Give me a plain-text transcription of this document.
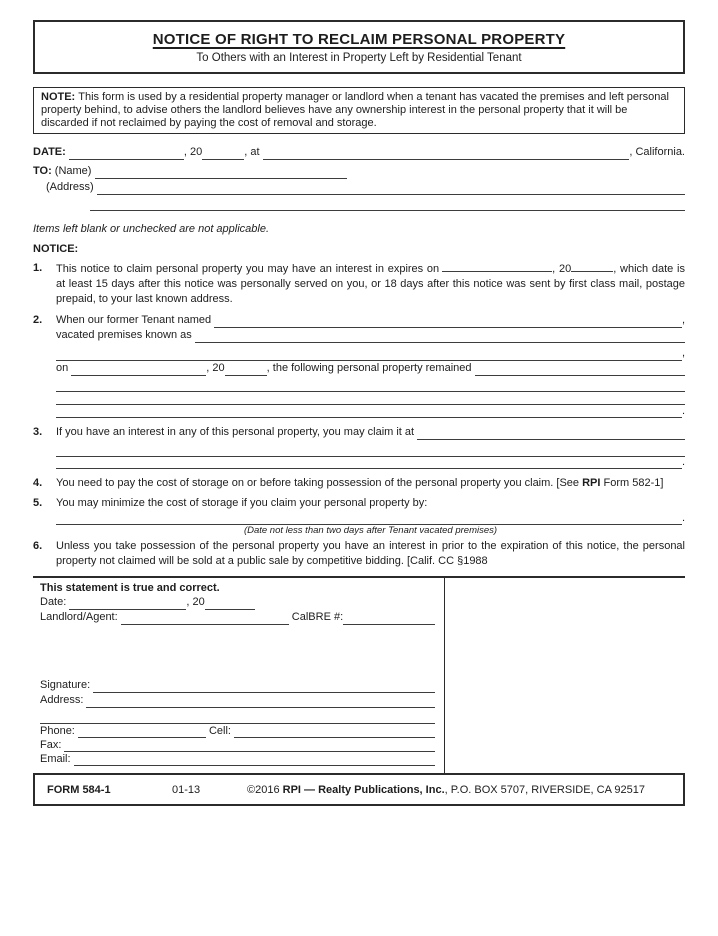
NOTICE OF RIGHT TO RECLAIM PERSONAL PROPERTY
To Others with an Interest in Property Left by Residential Tenant
NOTE: This form is used by a residential property manager or landlord when a tenant has vacated the premises and left personal property behind, to advise others the landlord believes have any ownership interest in the personal property that it will be discarded if not reclaimed by paying the cost of removal and storage.
DATE:	, 20	, at	, California.
TO: (Name)
(Address)
Items left blank or unchecked are not applicable.
NOTICE:
1.	This notice to claim personal property you may have an interest in expires on	, 20	, which date is at least 15 days after this notice was personally served on you, or 18 days after this notice was sent by first class mail, postage prepaid, to your last known address.
2.	When our former Tenant named	,
vacated premises known as
,
on	, 20	, the following personal property remained
.
3.	If you have an interest in any of this personal property, you may claim it at
.
4.	You need to pay the cost of storage on or before taking possession of the personal property you claim. [See RPI Form 582-1]
5.	You may minimize the cost of storage if you claim your personal property by:
.
(Date not less than two days after Tenant vacated premises)
6.	Unless you take possession of the personal property you have an interest in prior to the expiration of this notice, the personal property not claimed will be sold at a public sale by competitive bidding. [Calif. CC §1988
This statement is true and correct.
Date:	, 20
Landlord/Agent:	CalBRE #:
Signature:
Address:
Phone:	Cell:
Fax:
Email:
FORM 584-1	01-13	©2016 RPI — Realty Publications, Inc., P.O. BOX 5707, RIVERSIDE, CA 92517
